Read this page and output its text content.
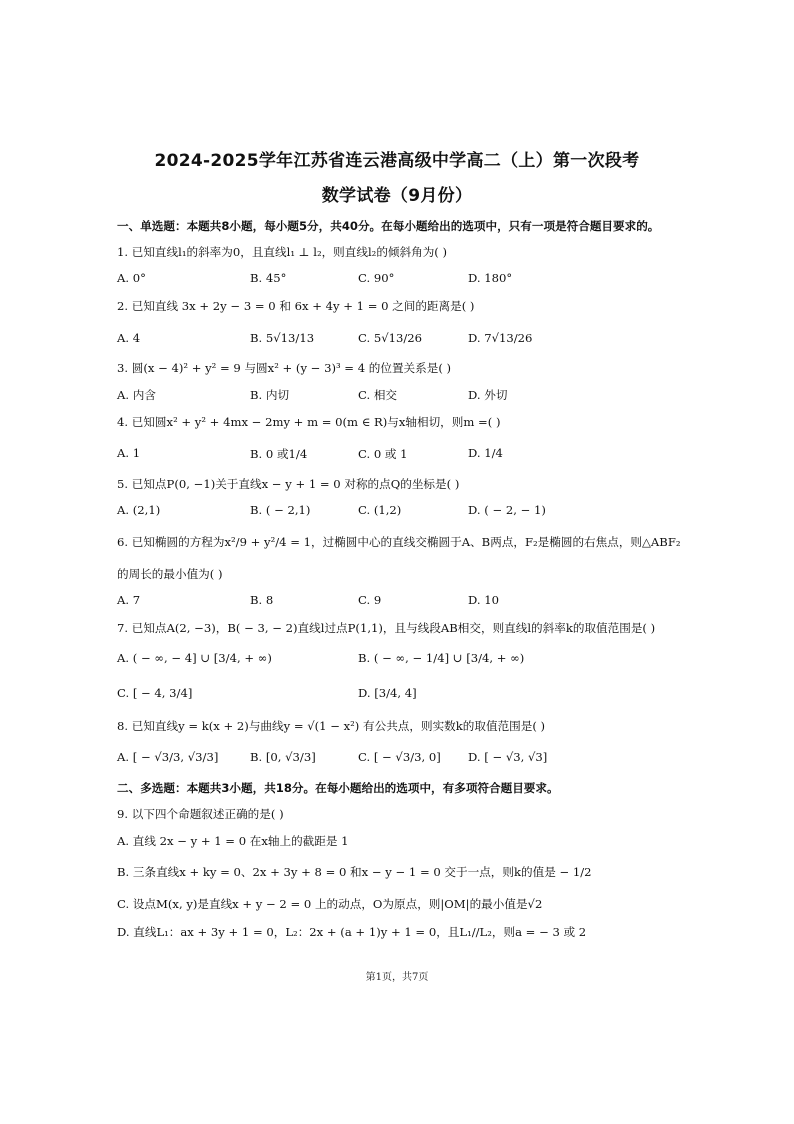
2024-2025学年江苏省连云港高级中学高二（上）第一次段考
数学试卷（9月份）
一、单选题：本题共8小题，每小题5分，共40分。在每小题给出的选项中，只有一项是符合题目要求的。
1. 已知直线l₁的斜率为0，且直线l₁ ⊥ l₂，则直线l₂的倾斜角为( )
A. 0°	B. 45°	C. 90°	D. 180°
2. 已知直线 3x + 2y − 3 = 0 和 6x + 4y + 1 = 0 之间的距离是( )
A. 4	B. 5√13/13	C. 5√13/26	D. 7√13/26
3. 圆(x − 4)² + y² = 9 与圆x² + (y − 3)³ = 4 的位置关系是( )
A. 内含	B. 内切	C. 相交	D. 外切
4. 已知圆x² + y² + 4mx − 2my + m = 0(m ∈ R)与x轴相切，则m =( )
A. 1	B. 0 或1/4	C. 0 或 1	D. 1/4
5. 已知点P(0, −1)关于直线x − y + 1 = 0 对称的点Q的坐标是( )
A. (2,1)	B. ( − 2,1)	C. (1,2)	D. ( − 2, − 1)
6. 已知椭圆的方程为x²/9 + y²/4 = 1，过椭圆中心的直线交椭圆于A、B两点，F₂是椭圆的右焦点，则△ABF₂
的周长的最小值为( )
A. 7	B. 8	C. 9	D. 10
7. 已知点A(2, −3)，B( − 3, − 2)直线l过点P(1,1)，且与线段AB相交，则直线l的斜率k的取值范围是( )
A. ( − ∞, − 4] ∪ [3/4, + ∞)	B. ( − ∞, − 1/4] ∪ [3/4, + ∞)
C. [ − 4, 3/4]	D. [3/4, 4]
8. 已知直线y = k(x + 2)与曲线y = √(1 − x²) 有公共点，则实数k的取值范围是( )
A. [ − √3/3, √3/3]	B. [0, √3/3]	C. [ − √3/3, 0] D. [ − √3, √3]
二、多选题：本题共3小题，共18分。在每小题给出的选项中，有多项符合题目要求。
9. 以下四个命题叙述正确的是( )
A. 直线 2x − y + 1 = 0 在x轴上的截距是 1
B. 三条直线x + ky = 0、2x + 3y + 8 = 0 和x − y − 1 = 0 交于一点，则k的值是 − 1/2
C. 设点M(x, y)是直线x + y − 2 = 0 上的动点，O为原点，则|OM|的最小值是√2
D. 直线L₁：ax + 3y + 1 = 0，L₂：2x + (a + 1)y + 1 = 0，且L₁//L₂，则a = − 3 或 2
第1页，共7页
